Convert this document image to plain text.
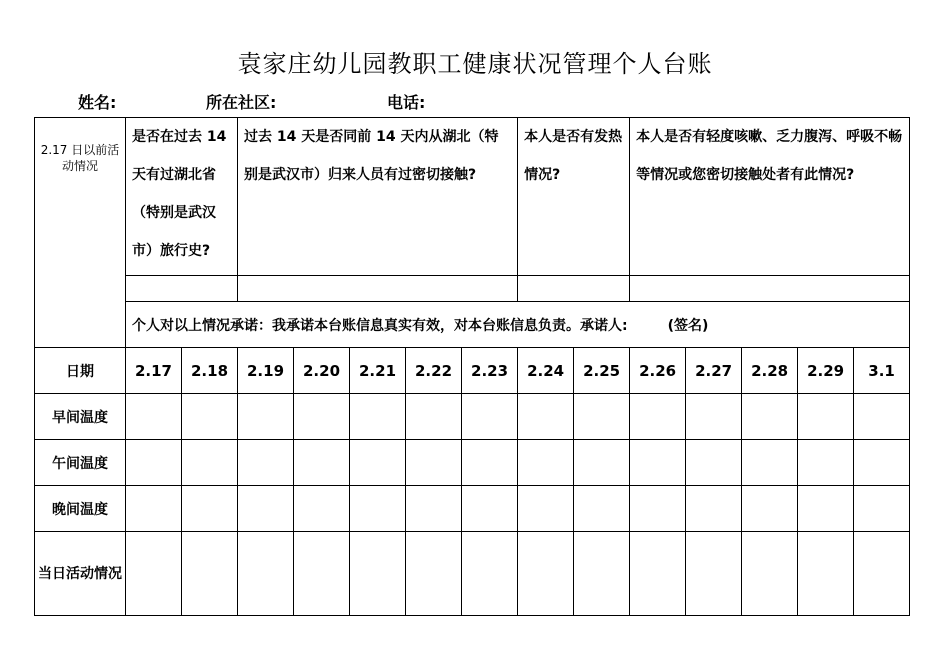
袁家庄幼儿园教职工健康状况管理个人台账
姓名:	所在社区:	电话:
2.17 日以前活动情况	是否在过去 14 天有过湖北省（特别是武汉市）旅行史?		过去 14 天是否同前 14 天内从湖北（特别是武汉市）归来人员有过密切接触?					本人是否有发热情况?		本人是否有轻度咳嗽、乏力腹泻、呼吸不畅等情况或您密切接触处者有此情况?				

	个人对以上情况承诺：我承诺本台账信息真实有效，对本台账信息负责。承诺人: (签名)													
日期	2.17	2.18	2.19	2.20	2.21	2.22	2.23	2.24	2.25	2.26	2.27	2.28	2.29	3.1
早间温度														
午间温度														
晚间温度														
当日活动情况														
